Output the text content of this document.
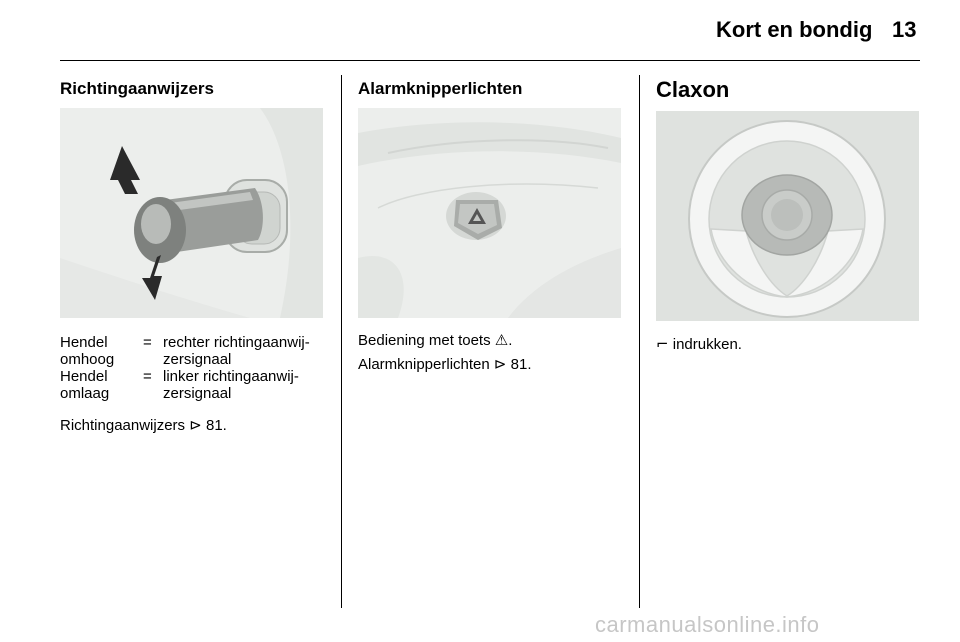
Kort en bondig 13
Richtingaanwijzers
Hendel
omhoog
= rechter richtingaanwij-
zersignaal
Hendel
omlaag
= linker richtingaanwij-
zersignaal
Richtingaanwijzers ⊳ 81.
Alarmknipperlichten
Bediening met toets ⚠.
Alarmknipperlichten ⊳ 81.
Claxon
⌐ indrukken.
carmanualsonline.info
